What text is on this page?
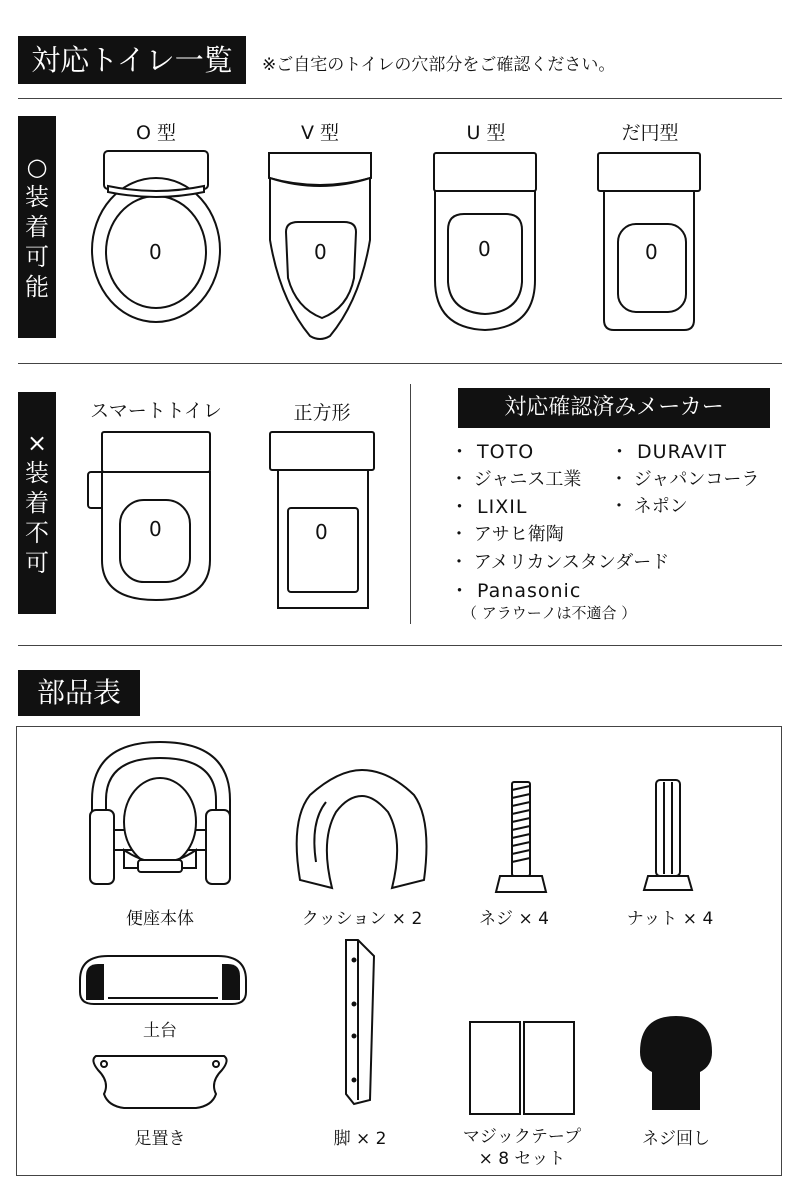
対応トイレ一覧	※ご自宅のトイレの穴部分をご確認ください。
○
装
着
可
能
O 型	V 型	U 型	だ円型
0	0	0	0
×
装
着
不
可
スマートトイレ	正方形
0	0
対応確認済みメーカー
・ TOTO
・ ジャニス工業
・ LIXIL
・ アサヒ衛陶
・ アメリカンスタンダード
・ Panasonic
（ アラウーノは不適合 ）
・ DURAVIT
・ ジャパンコーラ
・ ネポン
部品表
便座本体	クッション × 2	ネジ × 4	ナット × 4
土台
足置き	脚 × 2	マジックテープ
× 8 セット
ネジ回し
